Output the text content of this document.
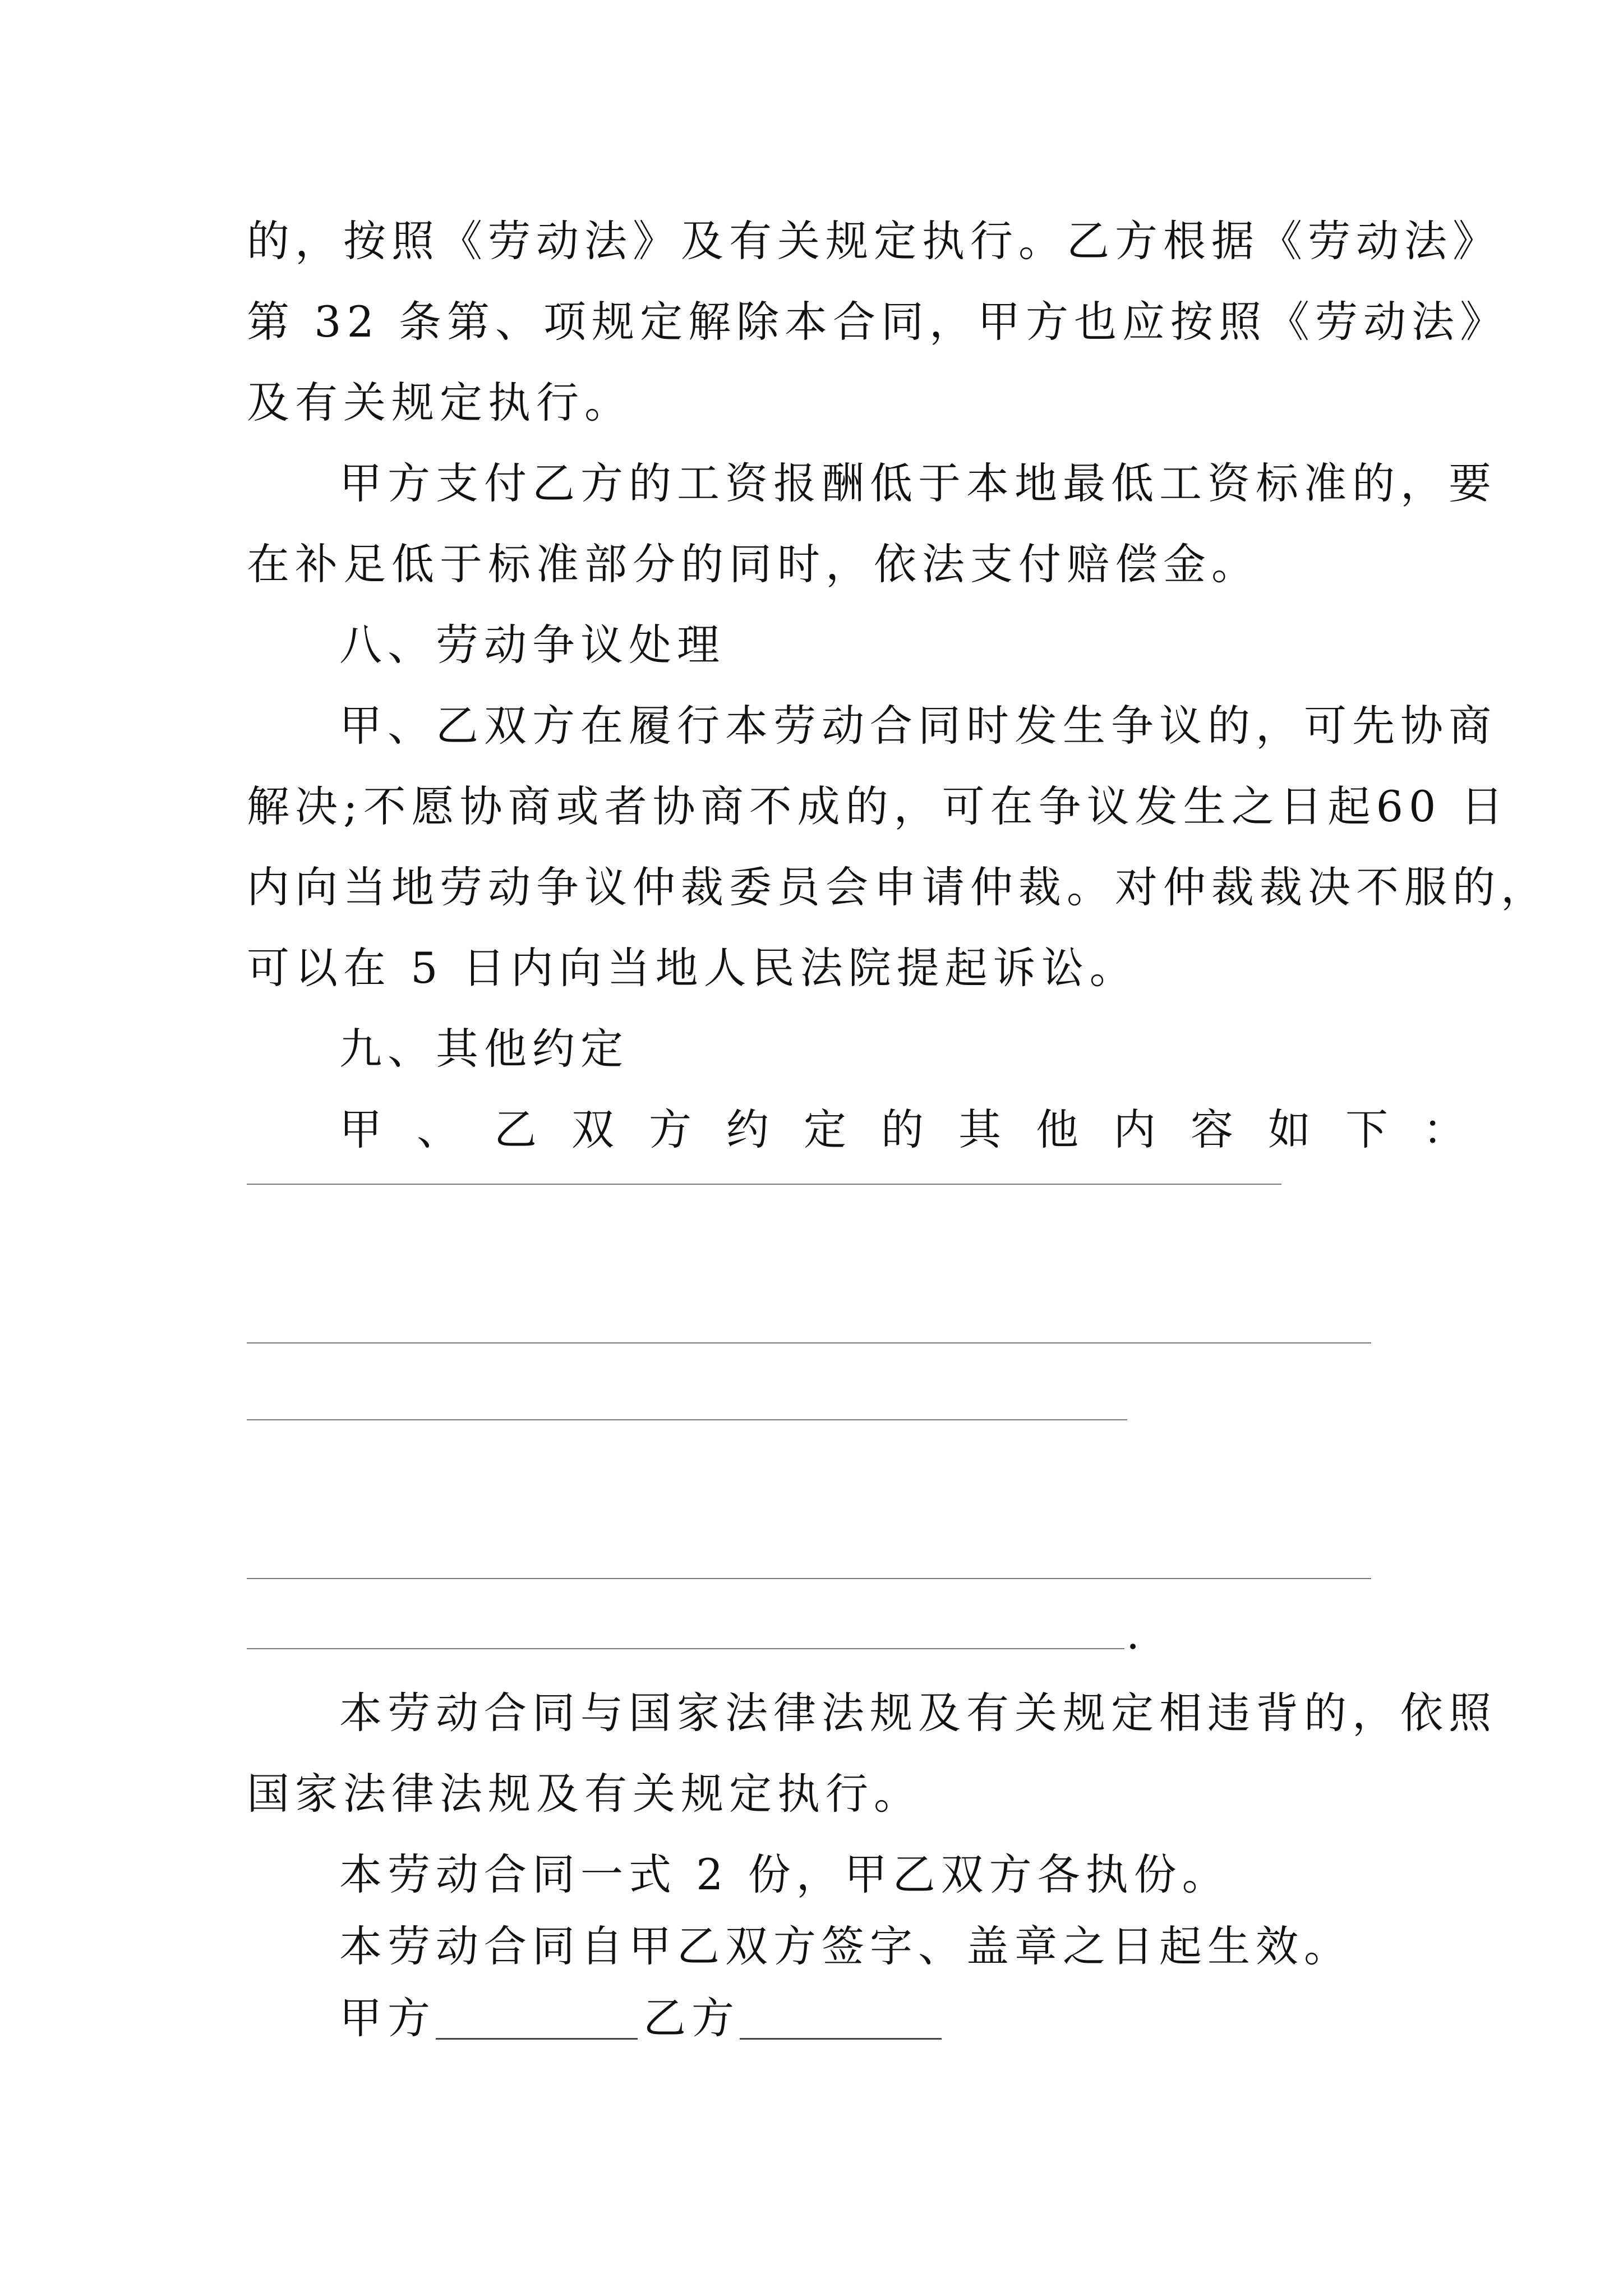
的，按照《劳动法》及有关规定执行。乙方根据《劳动法》
第 32 条第、项规定解除本合同，甲方也应按照《劳动法》
及有关规定执行。
甲方支付乙方的工资报酬低于本地最低工资标准的，要
在补足低于标准部分的同时，依法支付赔偿金。
八、劳动争议处理
甲、乙双方在履行本劳动合同时发生争议的，可先协商
解决;不愿协商或者协商不成的，可在争议发生之日起60 日
内向当地劳动争议仲裁委员会申请仲裁。对仲裁裁决不服的，
可以在 5 日内向当地人民法院提起诉讼。
九、其他约定
甲、乙双方约定的其他内容如下：
.
本劳动合同与国家法律法规及有关规定相违背的，依照
国家法律法规及有关规定执行。
本劳动合同一式 2 份，甲乙双方各执份。
本劳动合同自甲乙双方签字、盖章之日起生效。
甲方	乙方
